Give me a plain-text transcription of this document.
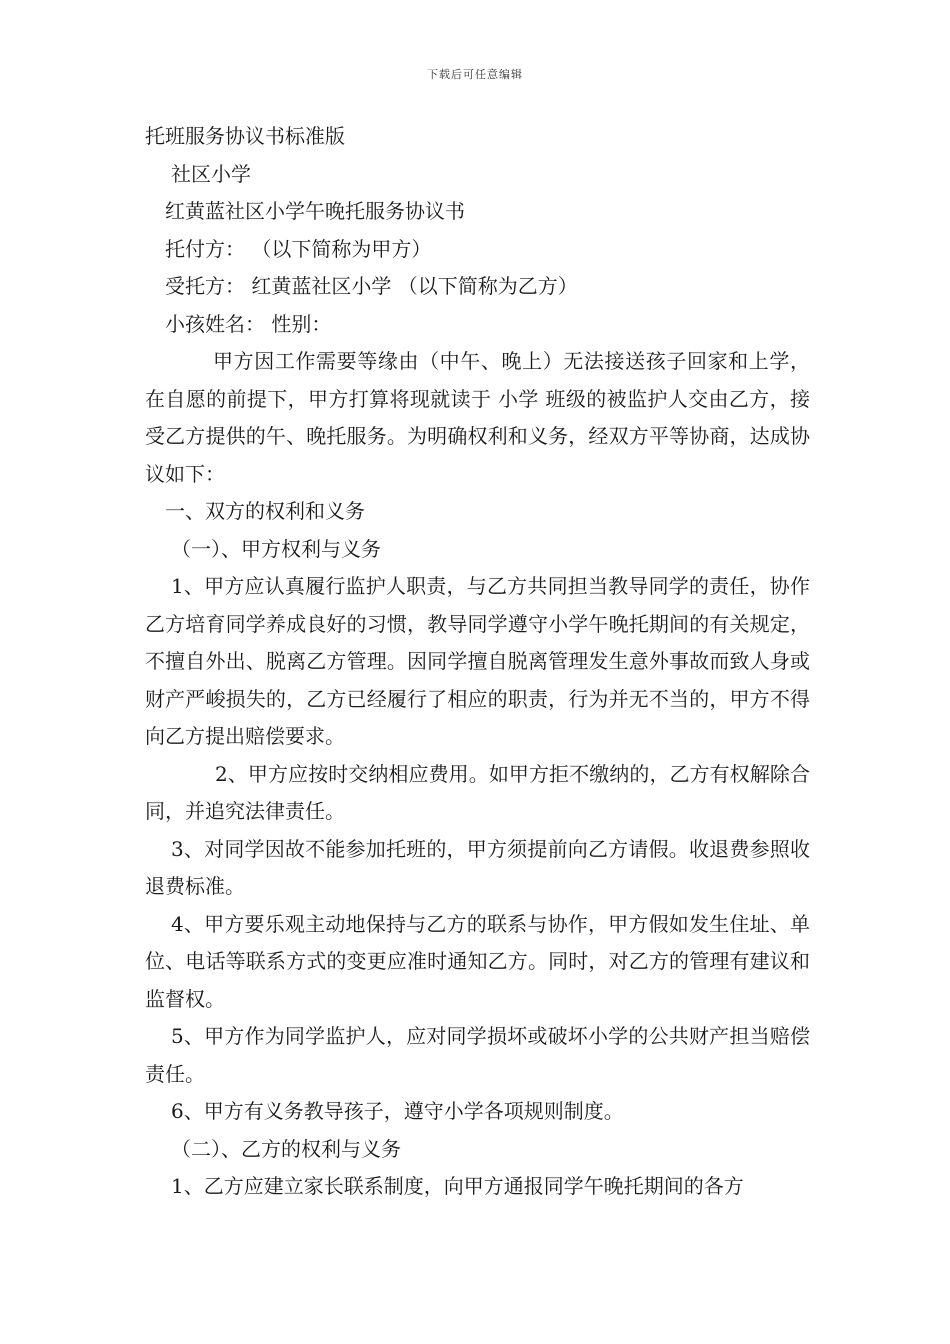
下载后可任意编辑
托班服务协议书标准版
社区小学
红黄蓝社区小学午晚托服务协议书
托付方： （以下简称为甲方）
受托方： 红黄蓝社区小学 （以下简称为乙方）
小孩姓名： 性别：
甲方因工作需要等缘由（中午、晚上）无法接送孩子回家和上学，在自愿的前提下，甲方打算将现就读于 小学 班级的被监护人交由乙方，接受乙方提供的午、晚托服务。为明确权利和义务，经双方平等协商，达成协议如下：
一、双方的权利和义务
（一）、甲方权利与义务
1、甲方应认真履行监护人职责，与乙方共同担当教导同学的责任，协作乙方培育同学养成良好的习惯，教导同学遵守小学午晚托期间的有关规定，不擅自外出、脱离乙方管理。因同学擅自脱离管理发生意外事故而致人身或财产严峻损失的，乙方已经履行了相应的职责，行为并无不当的，甲方不得向乙方提出赔偿要求。
2、甲方应按时交纳相应费用。如甲方拒不缴纳的，乙方有权解除合同，并追究法律责任。
3、对同学因故不能参加托班的，甲方须提前向乙方请假。收退费参照收退费标准。
4、甲方要乐观主动地保持与乙方的联系与协作，甲方假如发生住址、单位、电话等联系方式的变更应准时通知乙方。同时，对乙方的管理有建议和监督权。
5、甲方作为同学监护人，应对同学损坏或破坏小学的公共财产担当赔偿责任。
6、甲方有义务教导孩子，遵守小学各项规则制度。
（二）、乙方的权利与义务
1、乙方应建立家长联系制度，向甲方通报同学午晚托期间的各方
